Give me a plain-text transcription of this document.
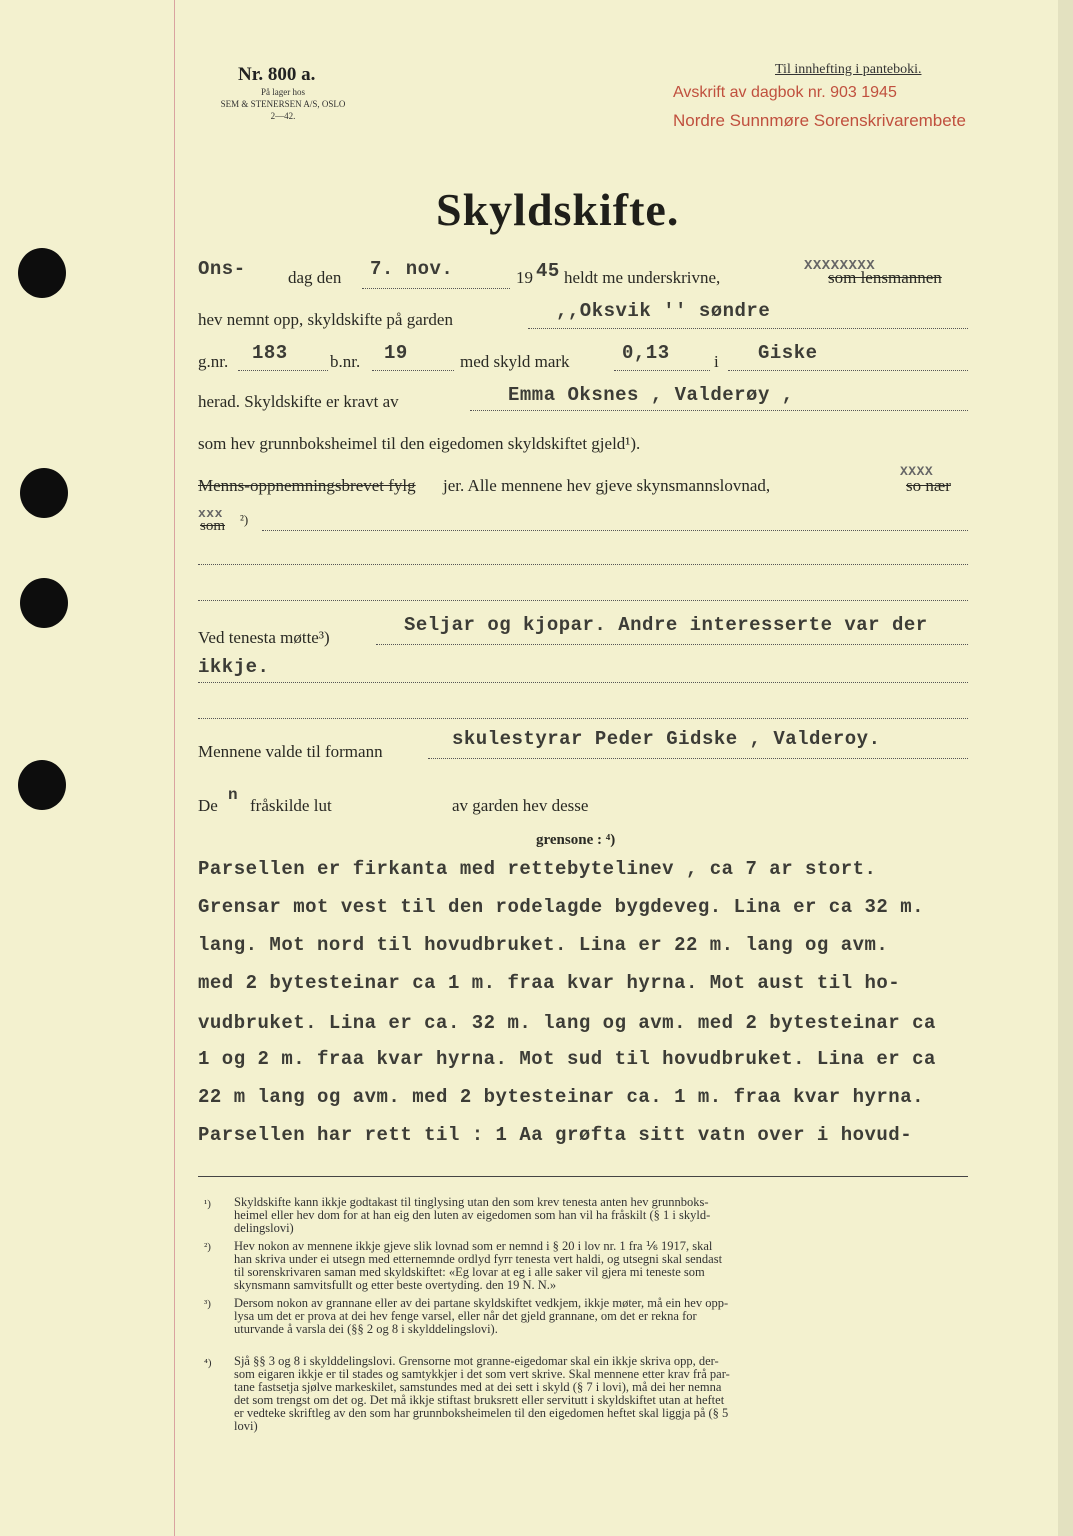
Nr. 800 a.
På lager hos
SEM & STENERSEN A/S, OSLO
2—42.
Til innhefting i panteboki.
Avskrift av dagbok nr. 903 1945
Nordre Sunnmøre Sorenskrivarembete
Skyldskifte.
Ons- dag den 7. nov.	19 45 heldt me underskrivne,	som lensmannen
XXXXXXXX
hev nemnt opp, skyldskifte på garden	,,Oksvik '' søndre
g.nr. 183 b.nr. 19	med skyld mark	0,13	i Giske
herad. Skyldskifte er kravt av	Emma Oksnes , Valderøy ,
som hev grunnboksheimel til den eigedomen skyldskiftet gjeld¹).
Menns-oppnemningsbrevet fylg jer. Alle mennene hev gjeve skynsmannslovnad,	so nær
XXXX
xxx
som ²)
Ved tenesta møtte³)
Seljar og kjopar. Andre interesserte var der
ikkje.
Mennene valde til formann
skulestyrar Peder Gidske , Valderoy.
De
n
fråskilde lut	av garden hev desse
grensone : ⁴)
Parsellen er firkanta med rettebytelinev , ca 7 ar stort.
Grensar mot vest til den rodelagde bygdeveg. Lina er ca 32 m.
lang. Mot nord til hovudbruket. Lina er 22 m. lang og avm.
med 2 bytesteinar ca 1 m. fraa kvar hyrna. Mot aust til ho-
vudbruket. Lina er ca. 32 m. lang og avm. med 2 bytesteinar ca
1 og 2 m. fraa kvar hyrna. Mot sud til hovudbruket. Lina er ca
22 m lang og avm. med 2 bytesteinar ca. 1 m. fraa kvar hyrna.
Parsellen har rett til : 1 Aa grøfta sitt vatn over i hovud-
¹) Skyldskifte kann ikkje godtakast til tinglysing utan den som krev tenesta anten hev grunnboks-
heimel eller hev dom for at han eig den luten av eigedomen som han vil ha fråskilt (§ 1 i skyld-
delingslovi)
²) Hev nokon av mennene ikkje gjeve slik lovnad som er nemnd i § 20 i lov nr. 1 fra ⅙ 1917, skal
han skriva under ei utsegn med etternemnde ordlyd fyrr tenesta vert haldi, og utsegni skal sendast
til sorenskrivaren saman med skyldskiftet: «Eg lovar at eg i alle saker vil gjera mi teneste som
skynsmann samvitsfullt og etter beste overtyding. den 19 N. N.»
³) Dersom nokon av grannane eller av dei partane skyldskiftet vedkjem, ikkje møter, må ein hev opp-
lysa um det er prova at dei hev fenge varsel, eller når det gjeld grannane, om det er rekna for
uturvande å varsla dei (§§ 2 og 8 i skylddelingslovi).
⁴) Sjå §§ 3 og 8 i skylddelingslovi. Grensorne mot granne-eigedomar skal ein ikkje skriva opp, der-
som eigaren ikkje er til stades og samtykkjer i det som vert skrive. Skal mennene etter krav frå par-
tane fastsetja sjølve markeskilet, samstundes med at dei sett i skyld (§ 7 i lovi), må dei her nemna
det som trengst om det og. Det må ikkje stiftast bruksrett eller servitutt i skyldskiftet utan at heftet
er vedteke skriftleg av den som har grunnboksheimelen til den eigedomen heftet skal liggja på (§ 5
lovi)
